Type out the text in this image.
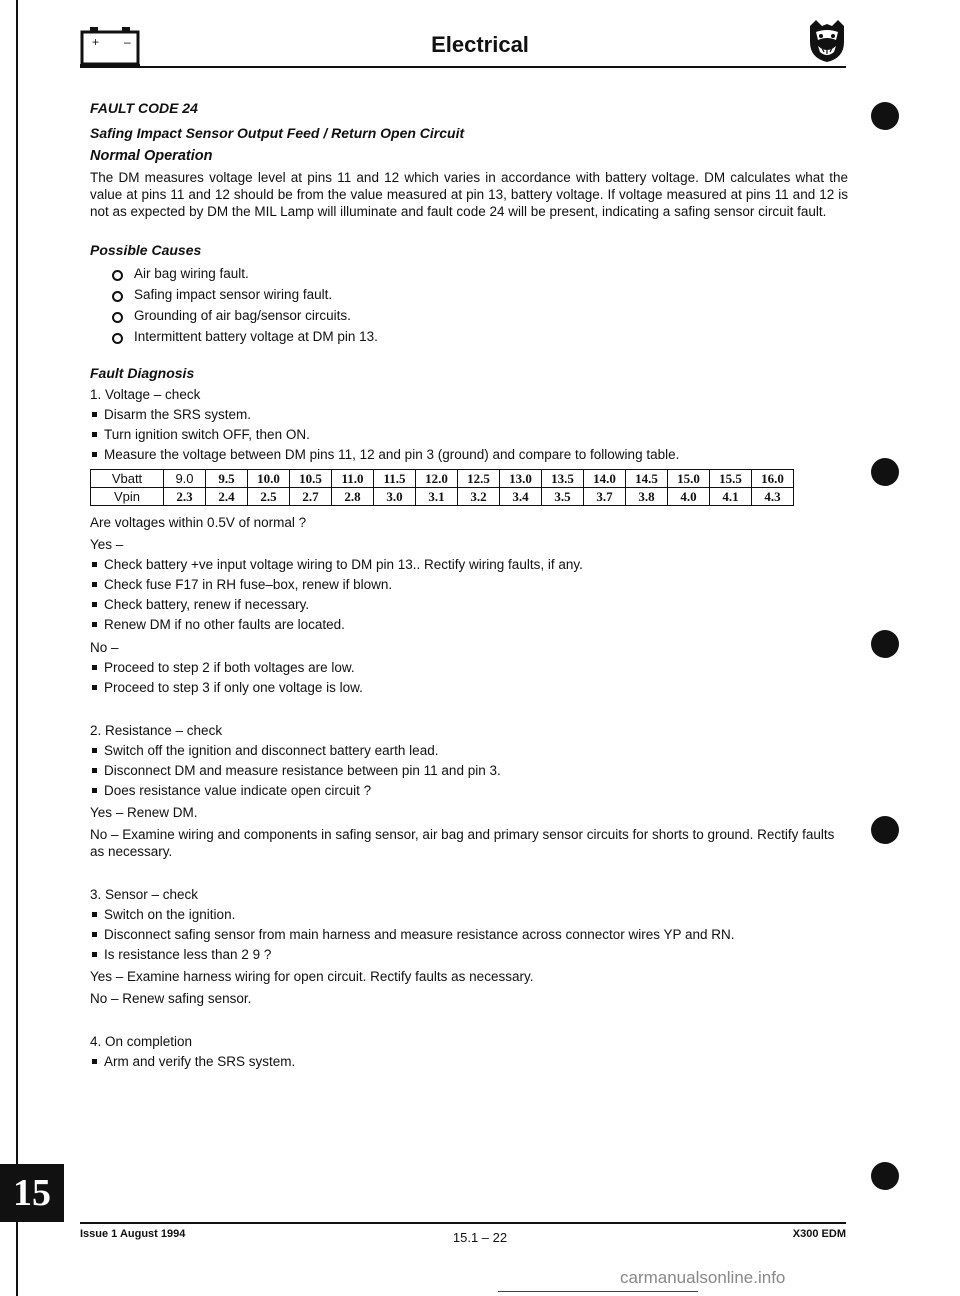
+ –	Electrical

FAULT CODE 24

Safing Impact Sensor Output Feed / Return Open Circuit

Normal Operation

The DM measures voltage level at pins 11 and 12 which varies in accordance with battery voltage. DM calculates what the value at pins 11 and 12 should be from the value measured at pin 13, battery voltage. If voltage measured at pins 11 and 12 is not as expected by DM the MIL Lamp will illuminate and fault code 24 will be present, indicating a safing sensor circuit fault.

Possible Causes

Air bag wiring fault.
Safing impact sensor wiring fault.
Grounding of air bag/sensor circuits.
Intermittent battery voltage at DM pin 13.

Fault Diagnosis

1. Voltage – check

Disarm the SRS system.
Turn ignition switch OFF, then ON.
Measure the voltage between DM pins 11, 12 and pin 3 (ground) and compare to following table.
Vbatt	9.0	9.5	10.0	10.5	11.0	11.5	12.0	12.5	13.0	13.5	14.0	14.5	15.0	15.5	16.0
Vpin	2.3	2.4	2.5	2.7	2.8	3.0	3.1	3.2	3.4	3.5	3.7	3.8	4.0	4.1	4.3

Are voltages within 0.5V of normal ?

Yes –

Check battery +ve input voltage wiring to DM pin 13.. Rectify wiring faults, if any.
Check fuse F17 in RH fuse–box, renew if blown.
Check battery, renew if necessary.
Renew DM if no other faults are located.

No –

Proceed to step 2 if both voltages are low.
Proceed to step 3 if only one voltage is low.

2. Resistance – check

Switch off the ignition and disconnect battery earth lead.
Disconnect DM and measure resistance between pin 11 and pin 3.
Does resistance value indicate open circuit ?

Yes – Renew DM.

No – Examine wiring and components in safing sensor, air bag and primary sensor circuits for shorts to ground. Rectify faults as necessary.

3. Sensor – check

Switch on the ignition.
Disconnect safing sensor from main harness and measure resistance across connector wires YP and RN.
Is resistance less than 2 9 ?

Yes – Examine harness wiring for open circuit. Rectify faults as necessary.

No – Renew safing sensor.

4. On completion

Arm and verify the SRS system.
15
Issue 1 August 1994	15.1 – 22	X300 EDM
carmanualsonline.info
